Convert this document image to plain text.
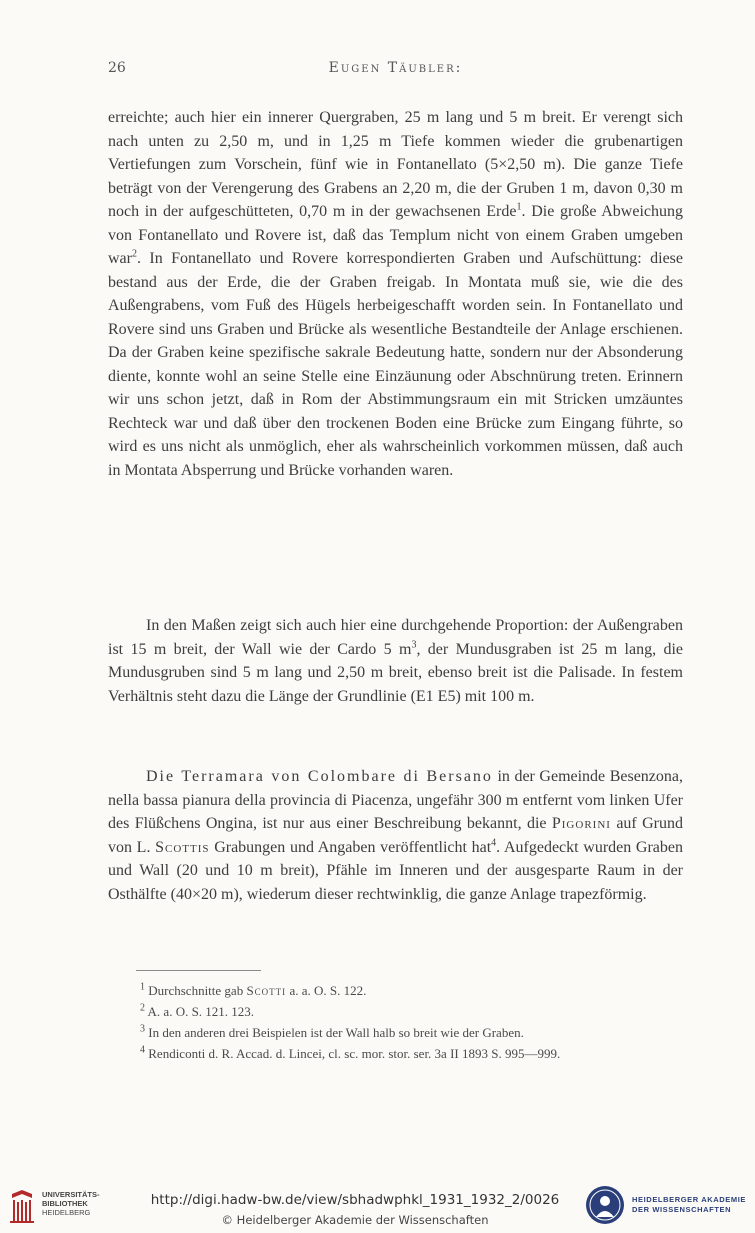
26	Eugen Täubler:

erreichte; auch hier ein innerer Quergraben, 25 m lang und 5 m breit. Er verengt sich nach unten zu 2,50 m, und in 1,25 m Tiefe kommen wieder die grubenartigen Vertiefungen zum Vorschein, fünf wie in Fontanellato (5×2,50 m). Die ganze Tiefe beträgt von der Verengerung des Grabens an 2,20 m, die der Gruben 1 m, davon 0,30 m noch in der aufgeschütteten, 0,70 m in der gewachsenen Erde$^1$. Die große Abweichung von Fontanellato und Rovere ist, daß das Templum nicht von einem Graben umgeben war$^2$. In Fontanellato und Rovere korrespondierten Graben und Aufschüttung: diese bestand aus der Erde, die der Graben freigab. In Montata muß sie, wie die des Außengrabens, vom Fuß des Hügels herbeigeschafft worden sein. In Fontanellato und Rovere sind uns Graben und Brücke als wesentliche Bestandteile der Anlage erschienen. Da der Graben keine spezifische sakrale Bedeutung hatte, sondern nur der Absonderung diente, konnte wohl an seine Stelle eine Einzäunung oder Abschnürung treten. Erinnern wir uns schon jetzt, daß in Rom der Abstimmungsraum ein mit Stricken umzäuntes Rechteck war und daß über den trockenen Boden eine Brücke zum Eingang führte, so wird es uns nicht als unmöglich, eher als wahrscheinlich vorkommen müssen, daß auch in Montata Absperrung und Brücke vorhanden waren.

In den Maßen zeigt sich auch hier eine durchgehende Proportion: der Außengraben ist 15 m breit, der Wall wie der Cardo 5 $m^3$, der Mundusgraben ist 25 m lang, die Mundusgruben sind 5 m lang und 2,50 m breit, ebenso breit ist die Palisade. In festem Verhältnis steht dazu die Länge der Grundlinie (E1 E5) mit 100 m.

Die Terramara von Colombare di Bersano in der Gemeinde Besenzona, nella bassa pianura della provincia di Piacenza, ungefähr 300 m entfernt vom linken Ufer des Flüßchens Ongina, ist nur aus einer Beschreibung bekannt, die Pigorini auf Grund von L. Scottis Grabungen und Angaben veröffentlicht hat$^4$. Aufgedeckt wurden Graben und Wall (20 und 10 m breit), Pfähle im Inneren und der ausgesparte Raum in der Osthälfte (40×20 m), wiederum dieser rechtwinklig, die ganze Anlage trapezförmig.

$^1$ Durchschnitte gab Scotti a. a. O. S. 122.

$^2$ A. a. O. S. 121. 123.

$^3$ In den anderen drei Beispielen ist der Wall halb so breit wie der Graben.

$^4$ Rendiconti d. R. Accad. d. Lincei, cl. sc. mor. stor. ser. 3a II 1893 S. 995—999.

UNIVERSITÄTS-
BIBLIOTHEK
HEIDELBERG
http://digi.hadw-bw.de/view/sbhadwphkl_1931_1932_2/0026
© Heidelberger Akademie der Wissenschaften
HEIDELBERGER AKADEMIE
DER WISSENSCHAFTEN
